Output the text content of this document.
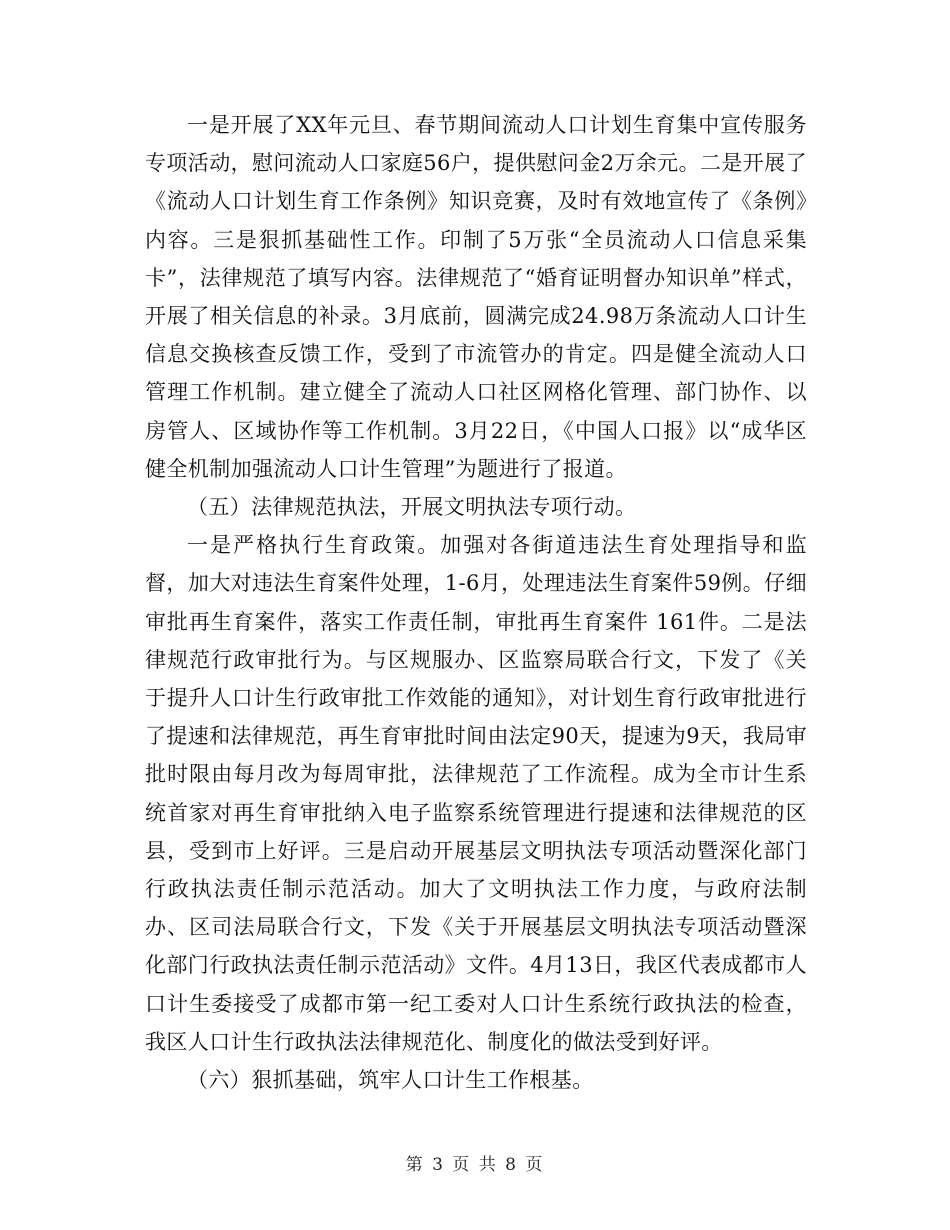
一是开展了XX年元旦、春节期间流动人口计划生育集中宣传服务专项活动，慰问流动人口家庭56户，提供慰问金2万余元。二是开展了《流动人口计划生育工作条例》知识竞赛，及时有效地宣传了《条例》内容。三是狠抓基础性工作。印制了5万张“全员流动人口信息采集卡”，法律规范了填写内容。法律规范了“婚育证明督办知识单”样式，开展了相关信息的补录。3月底前，圆满完成24.98万条流动人口计生信息交换核查反馈工作，受到了市流管办的肯定。四是健全流动人口管理工作机制。建立健全了流动人口社区网格化管理、部门协作、以房管人、区域协作等工作机制。3月22日，《中国人口报》以“成华区健全机制加强流动人口计生管理”为题进行了报道。

（五）法律规范执法，开展文明执法专项行动。

一是严格执行生育政策。加强对各街道违法生育处理指导和监督，加大对违法生育案件处理，1-6月，处理违法生育案件59例。仔细审批再生育案件，落实工作责任制，审批再生育案件 161件。二是法律规范行政审批行为。与区规服办、区监察局联合行文，下发了《关于提升人口计生行政审批工作效能的通知》，对计划生育行政审批进行了提速和法律规范，再生育审批时间由法定90天，提速为9天，我局审批时限由每月改为每周审批，法律规范了工作流程。成为全市计生系统首家对再生育审批纳入电子监察系统管理进行提速和法律规范的区县，受到市上好评。三是启动开展基层文明执法专项活动暨深化部门行政执法责任制示范活动。加大了文明执法工作力度，与政府法制办、区司法局联合行文，下发《关于开展基层文明执法专项活动暨深化部门行政执法责任制示范活动》文件。4月13日，我区代表成都市人口计生委接受了成都市第一纪工委对人口计生系统行政执法的检查，我区人口计生行政执法法律规范化、制度化的做法受到好评。

（六）狠抓基础，筑牢人口计生工作根基。

第 3 页 共 8 页
